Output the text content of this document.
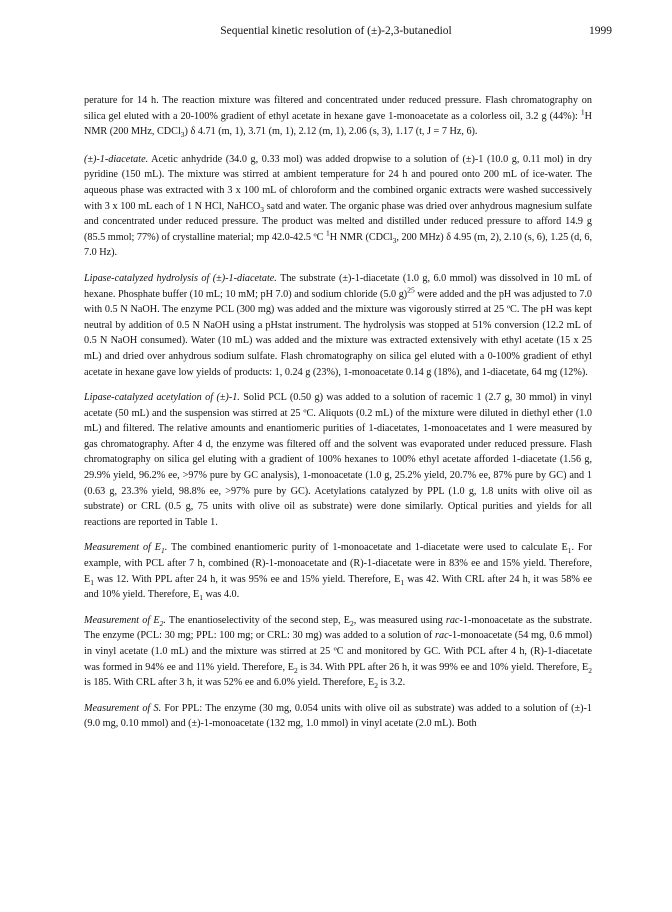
Sequential kinetic resolution of (±)-2,3-butanediol	1999

perature for 14 h. The reaction mixture was filtered and concentrated under reduced pressure. Flash chromatography on silica gel eluted with a 20-100% gradient of ethyl acetate in hexane gave 1-monoacetate as a colorless oil, 3.2 g (44%): $^1$H NMR (200 MHz, CDCl$_3$) δ 4.71 (m, 1), 3.71 (m, 1), 2.12 (m, 1), 2.06 (s, 3), 1.17 (t, J = 7 Hz, 6).

(±)-1-diacetate. Acetic anhydride (34.0 g, 0.33 mol) was added dropwise to a solution of (±)-1 (10.0 g, 0.11 mol) in dry pyridine (150 mL). The mixture was stirred at ambient temperature for 24 h and poured onto 200 mL of ice-water. The aqueous phase was extracted with 3 x 100 mL of chloroform and the combined organic extracts were washed successively with 3 x 100 mL each of 1 N HCl, NaHCO$_3$ satd and water. The organic phase was dried over anhydrous magnesium sulfate and concentrated under reduced pressure. The product was melted and distilled under reduced pressure to afford 14.9 g (85.5 mmol; 77%) of crystalline material; mp 42.0-42.5 ºC $^1$H NMR (CDCl$_3$, 200 MHz) δ 4.95 (m, 2), 2.10 (s, 6), 1.25 (d, 6, 7.0 Hz).

Lipase-catalyzed hydrolysis of (±)-1-diacetate. The substrate (±)-1-diacetate (1.0 g, 6.0 mmol) was dissolved in 10 mL of hexane. Phosphate buffer (10 mL; 10 mM; pH 7.0) and sodium chloride (5.0 g)$^{25}$ were added and the pH was adjusted to 7.0 with 0.5 N NaOH. The enzyme PCL (300 mg) was added and the mixture was vigorously stirred at 25 ºC. The pH was kept neutral by addition of 0.5 N NaOH using a pHstat instrument. The hydrolysis was stopped at 51% conversion (12.2 mL of 0.5 N NaOH consumed). Water (10 mL) was added and the mixture was extracted extensively with ethyl acetate (15 x 25 mL) and dried over anhydrous sodium sulfate. Flash chromatography on silica gel eluted with a 0-100% gradient of ethyl acetate in hexane gave low yields of products: 1, 0.24 g (23%), 1-monoacetate 0.14 g (18%), and 1-diacetate, 64 mg (12%).

Lipase-catalyzed acetylation of (±)-1. Solid PCL (0.50 g) was added to a solution of racemic 1 (2.7 g, 30 mmol) in vinyl acetate (50 mL) and the suspension was stirred at 25 ºC. Aliquots (0.2 mL) of the mixture were diluted in diethyl ether (1.0 mL) and filtered. The relative amounts and enantiomeric purities of 1-diacetates, 1-monoacetates and 1 were measured by gas chromatography. After 4 d, the enzyme was filtered off and the solvent was evaporated under reduced pressure. Flash chromatography on silica gel eluting with a gradient of 100% hexanes to 100% ethyl acetate afforded 1-diacetate (1.56 g, 29.9% yield, 96.2% ee, >97% pure by GC analysis), 1-monoacetate (1.0 g, 25.2% yield, 20.7% ee, 87% pure by GC) and 1 (0.63 g, 23.3% yield, 98.8% ee, >97% pure by GC). Acetylations catalyzed by PPL (1.0 g, 1.8 units with olive oil as substrate) or CRL (0.5 g, 75 units with olive oil as substrate) were done similarly. Optical purities and yields for all reactions are reported in Table 1.

Measurement of $E_1$. The combined enantiomeric purity of 1-monoacetate and 1-diacetate were used to calculate $E_1$. For example, with PCL after 7 h, combined (R)-1-monoacetate and (R)-1-diacetate were in 83% ee and 15% yield. Therefore, $E_1$ was 12. With PPL after 24 h, it was 95% ee and 15% yield. Therefore, $E_1$ was 42. With CRL after 24 h, it was 58% ee and 10% yield. Therefore, $E_1$ was 4.0.

Measurement of $E_2$. The enantioselectivity of the second step, $E_2$, was measured using rac-1-monoacetate as the substrate. The enzyme (PCL: 30 mg; PPL: 100 mg; or CRL: 30 mg) was added to a solution of rac-1-monoacetate (54 mg, 0.6 mmol) in vinyl acetate (1.0 mL) and the mixture was stirred at 25 ºC and monitored by GC. With PCL after 4 h, (R)-1-diacetate was formed in 94% ee and 11% yield. Therefore, $E_2$ is 34. With PPL after 26 h, it was 99% ee and 10% yield. Therefore, $E_2$ is 185. With CRL after 3 h, it was 52% ee and 6.0% yield. Therefore, $E_2$ is 3.2.

Measurement of S. For PPL: The enzyme (30 mg, 0.054 units with olive oil as substrate) was added to a solution of (±)-1 (9.0 mg, 0.10 mmol) and (±)-1-monoacetate (132 mg, 1.0 mmol) in vinyl acetate (2.0 mL). Both
